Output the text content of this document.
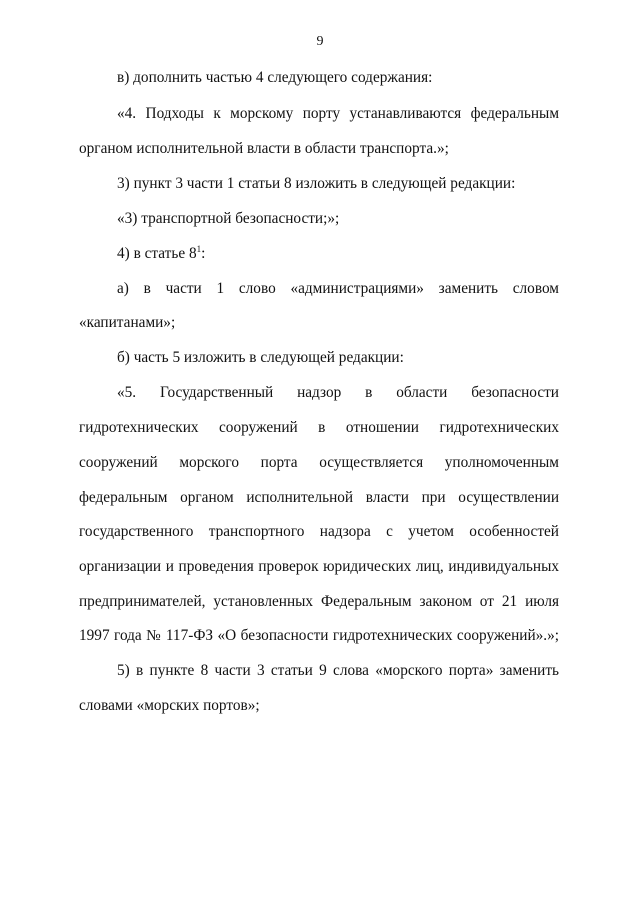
9
в) дополнить частью 4 следующего содержания:
«4. Подходы к морскому порту устанавливаются федеральным
органом исполнительной власти в области транспорта.»;
3) пункт 3 части 1 статьи 8 изложить в следующей редакции:
«3) транспортной безопасности;»;
4) в статье $8^1$:
а) в части 1 слово «администрациями» заменить словом
«капитанами»;
б) часть 5 изложить в следующей редакции:
«5. Государственный надзор в области безопасности
гидротехнических сооружений в отношении гидротехнических
сооружений морского порта осуществляется уполномоченным
федеральным органом исполнительной власти при осуществлении
государственного транспортного надзора с учетом особенностей
организации и проведения проверок юридических лиц, индивидуальных
предпринимателей, установленных Федеральным законом от 21 июля
1997 года № 117-ФЗ «О безопасности гидротехнических сооружений».»;
5) в пункте 8 части 3 статьи 9 слова «морского порта» заменить
словами «морских портов»;
